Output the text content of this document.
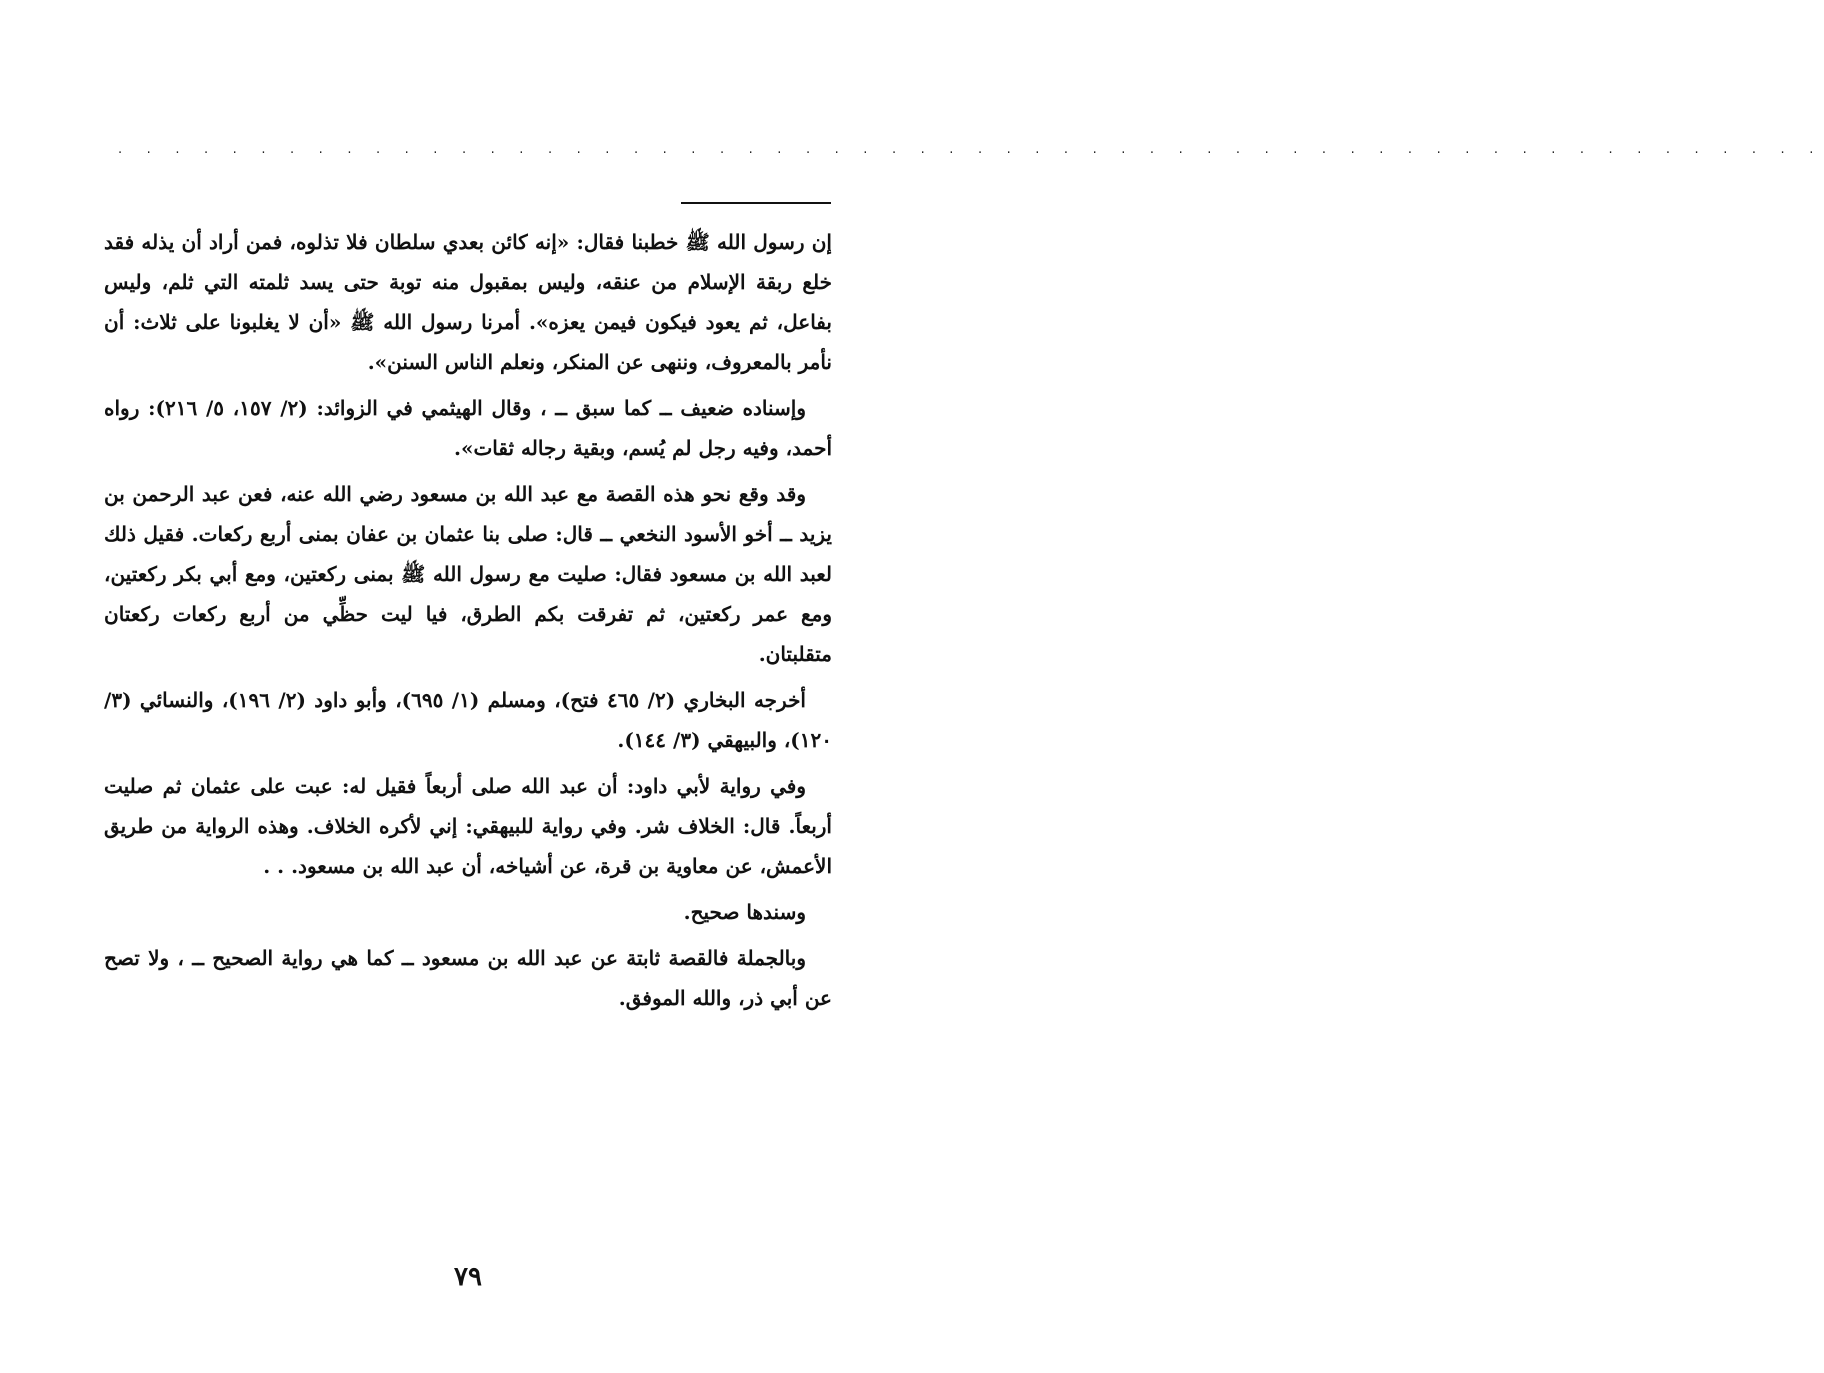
. . . . . . . . . . . . . . . . . . . . . . . . . . . . . . . . . . . . . . . . . . . . . . . . . . . . . . . . . . . .

إن رسول الله ﷺ خطبنا فقال: «إنه كائن بعدي سلطان فلا تذلوه، فمن أراد أن يذله فقد خلع ربقة الإسلام من عنقه، وليس بمقبول منه توبة حتى يسد ثلمته التي ثلم، وليس بفاعل، ثم يعود فيكون فيمن يعزه». أمرنا رسول الله ﷺ «أن لا يغلبونا على ثلاث: أن نأمر بالمعروف، وننهى عن المنكر، ونعلم الناس السنن».

وإسناده ضعيف ــ كما سبق ــ ، وقال الهيثمي في الزوائد: (٢/ ١٥٧، ٥/ ٢١٦): رواه أحمد، وفيه رجل لم يُسم، وبقية رجاله ثقات».

وقد وقع نحو هذه القصة مع عبد الله بن مسعود رضي الله عنه، فعن عبد الرحمن بن يزيد ــ أخو الأسود النخعي ــ قال: صلى بنا عثمان بن عفان بمنى أربع ركعات. فقيل ذلك لعبد الله بن مسعود فقال: صليت مع رسول الله ﷺ بمنى ركعتين، ومع أبي بكر ركعتين، ومع عمر ركعتين، ثم تفرقت بكم الطرق، فيا ليت حظِّي من أربع ركعات ركعتان متقلبتان.

أخرجه البخاري (٢/ ٤٦٥ فتح)، ومسلم (١/ ٦٩٥)، وأبو داود (٢/ ١٩٦)، والنسائي (٣/ ١٢٠)، والبيهقي (٣/ ١٤٤).

وفي رواية لأبي داود: أن عبد الله صلى أربعاً فقيل له: عبت على عثمان ثم صليت أربعاً. قال: الخلاف شر. وفي رواية للبيهقي: إني لأكره الخلاف. وهذه الرواية من طريق الأعمش، عن معاوية بن قرة، عن أشياخه، أن عبد الله بن مسعود. . .

وسندها صحيح.

وبالجملة فالقصة ثابتة عن عبد الله بن مسعود ــ كما هي رواية الصحيح ــ ، ولا تصح عن أبي ذر، والله الموفق.

٧٩
